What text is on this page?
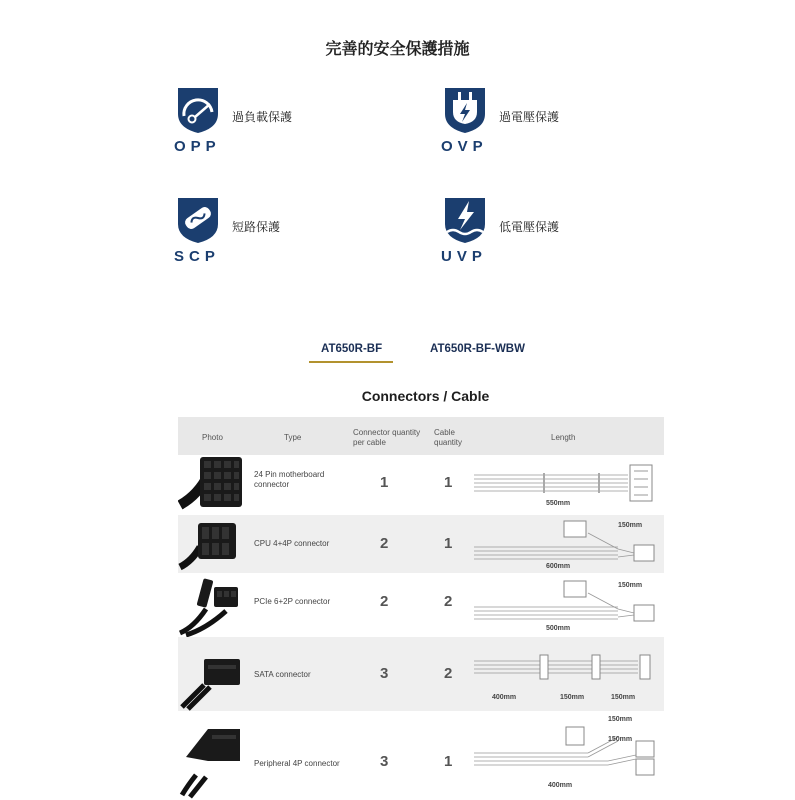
完善的安全保護措施
OPP
過負載保護
OVP
過電壓保護
SCP
短路保護
UVP
低電壓保護
AT650R-BF	AT650R-BF-WBW
Connectors / Cable
Photo	Type
Connector quantity
per cable
Cable
quantity
Length
24 Pin motherboard
connector	1	1
550mm
CPU 4+4P connector	2	1
150mm
600mm
PCIe 6+2P connector	2	2
150mm
500mm
SATA connector	3	2
400mm	150mm	150mm
Peripheral 4P connector	3	1
150mm
150mm
400mm
